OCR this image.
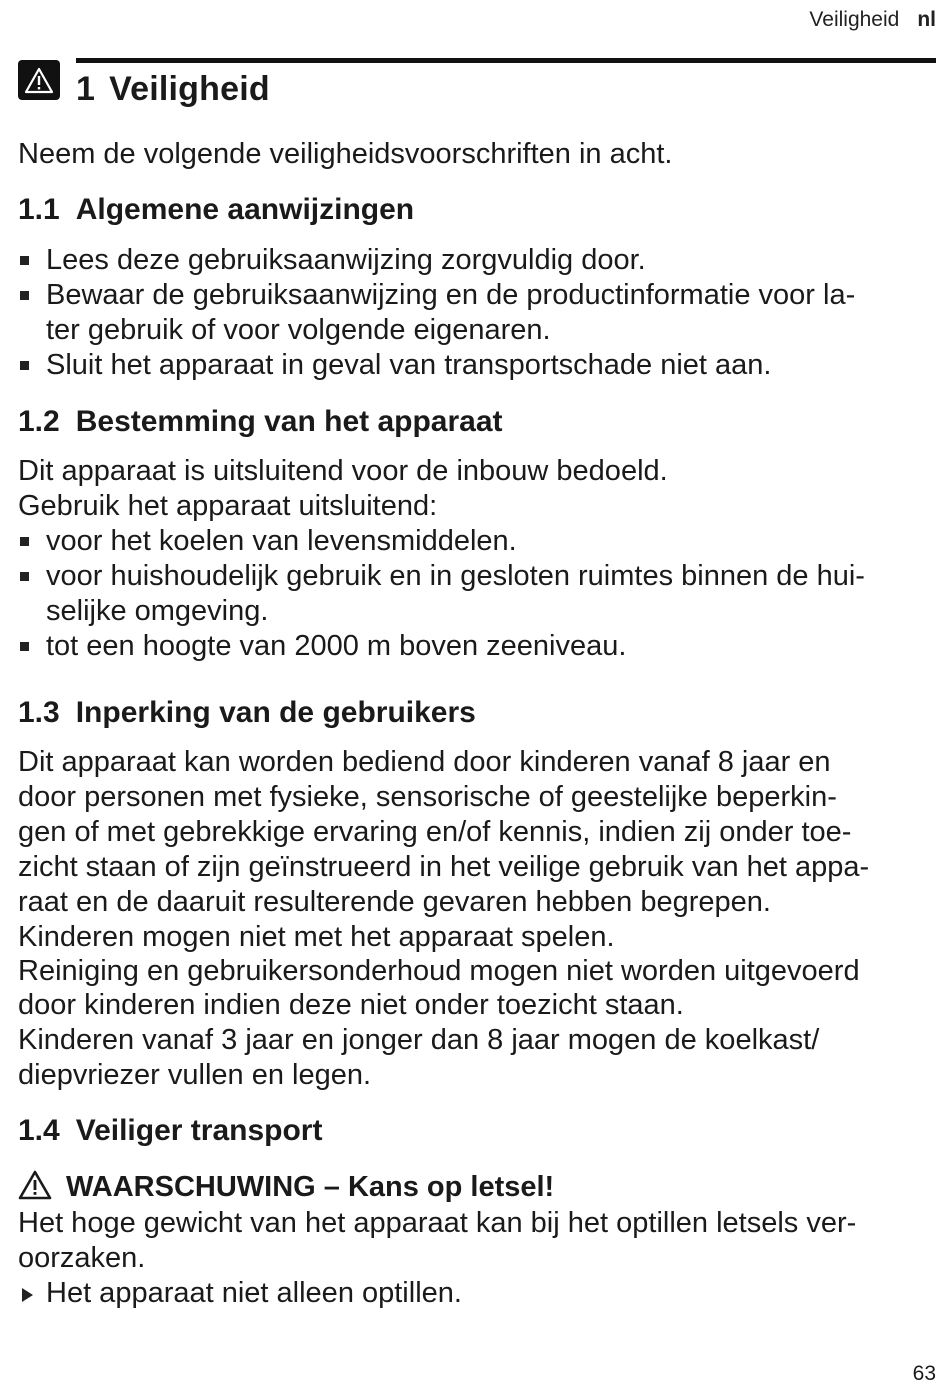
Veiligheid nl
1 Veiligheid

Neem de volgende veiligheidsvoorschriften in acht.

1.1 Algemene aanwijzingen
Lees deze gebruiksaanwijzing zorgvuldig door.
Bewaar de gebruiksaanwijzing en de productinformatie voor la-
ter gebruik of voor volgende eigenaren.
Sluit het apparaat in geval van transportschade niet aan.
1.2 Bestemming van het apparaat

Dit apparaat is uitsluitend voor de inbouw bedoeld.

Gebruik het apparaat uitsluitend:

voor het koelen van levensmiddelen.
voor huishoudelijk gebruik en in gesloten ruimtes binnen de hui-
selijke omgeving.
tot een hoogte van 2000 m boven zeeniveau.
1.3 Inperking van de gebruikers

Dit apparaat kan worden bediend door kinderen vanaf 8 jaar en

door personen met fysieke, sensorische of geestelijke beperkin-

gen of met gebrekkige ervaring en/of kennis, indien zij onder toe-

zicht staan of zijn geïnstrueerd in het veilige gebruik van het appa-

raat en de daaruit resulterende gevaren hebben begrepen.

Kinderen mogen niet met het apparaat spelen.

Reiniging en gebruikersonderhoud mogen niet worden uitgevoerd

door kinderen indien deze niet onder toezicht staan.

Kinderen vanaf 3 jaar en jonger dan 8 jaar mogen de koelkast/

diepvriezer vullen en legen.

1.4 Veiliger transport
WAARSCHUWING – Kans op letsel!

Het hoge gewicht van het apparaat kan bij het optillen letsels ver-

oorzaken.

Het apparaat niet alleen optillen.
63
